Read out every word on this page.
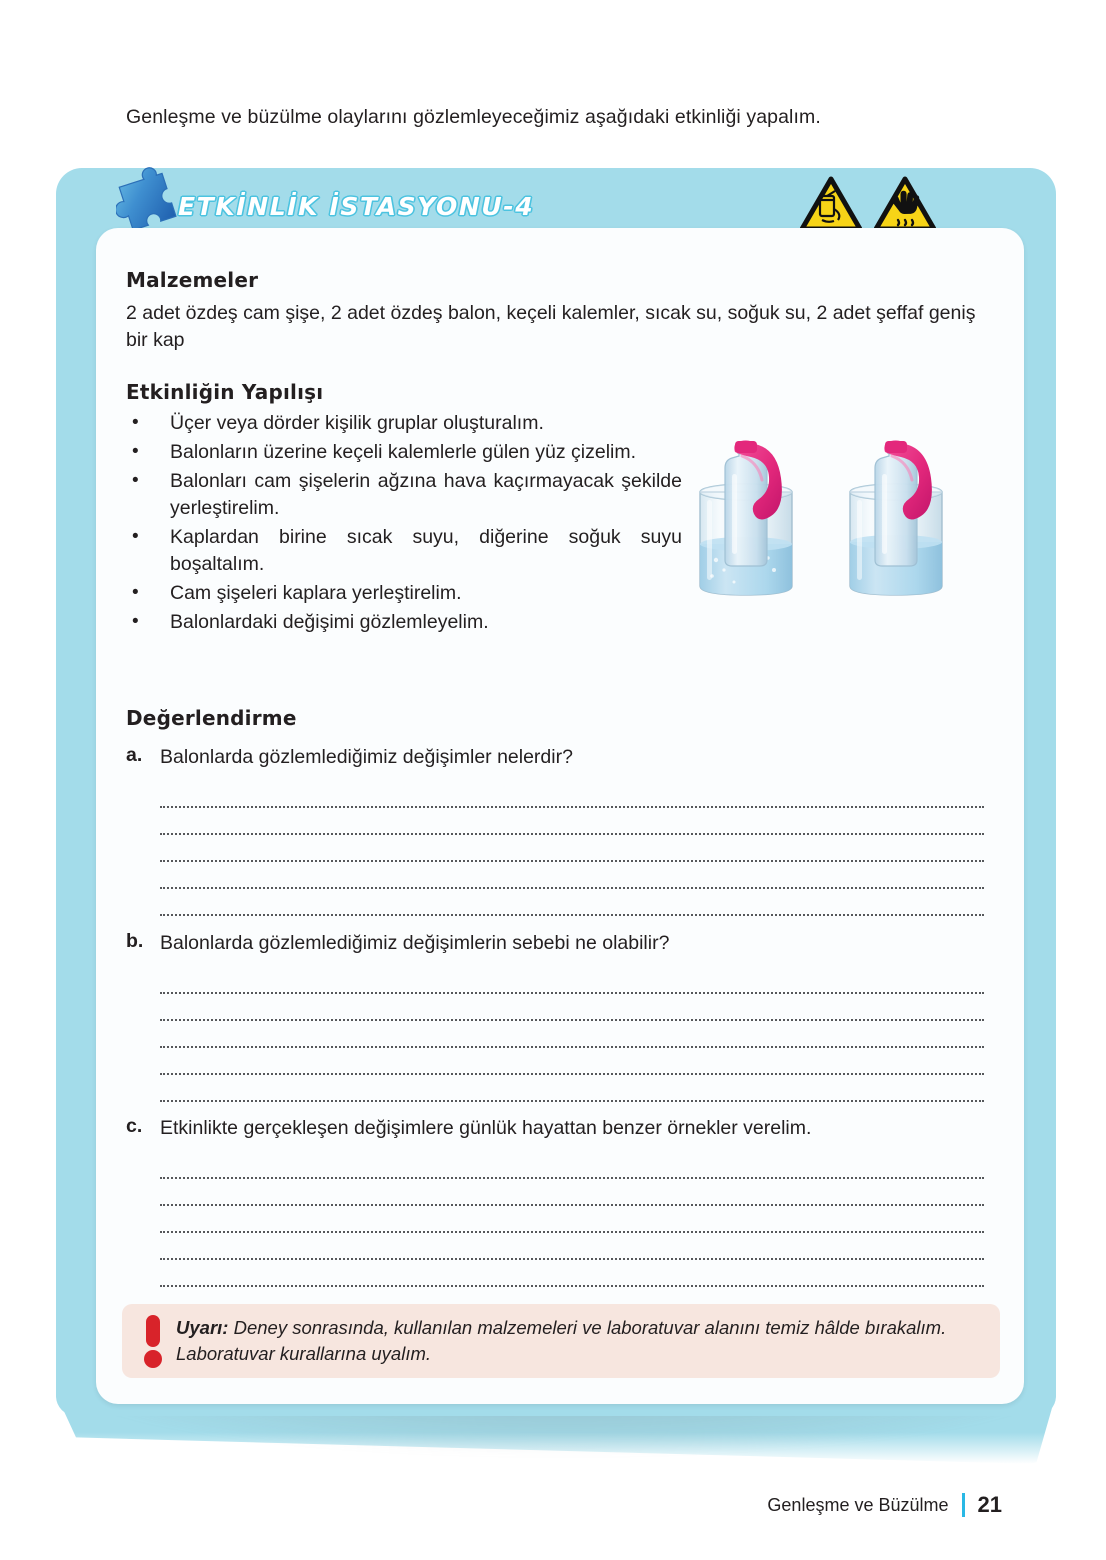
Genleşme ve büzülme olaylarını gözlemleyeceğimiz aşağıdaki etkinliği yapalım.
ETKİNLİK İSTASYONU-4
Malzemeler
2 adet özdeş cam şişe, 2 adet özdeş balon, keçeli kalemler, sıcak su, soğuk su, 2 adet şeffaf geniş bir kap
Etkinliğin Yapılışı
• Üçer veya dörder kişilik gruplar oluşturalım.
• Balonların üzerine keçeli kalemlerle gülen yüz çizelim.
• Balonları cam şişelerin ağzına hava kaçırmayacak şekilde yerleştirelim.
• Kaplardan birine sıcak suyu, diğerine soğuk suyu boşaltalım.
• Cam şişeleri kaplara yerleştirelim.
• Balonlardaki değişimi gözlemleyelim.
Değerlendirme
a. Balonlarda gözlemlediğimiz değişimler nelerdir?
b. Balonlarda gözlemlediğimiz değişimlerin sebebi ne olabilir?
c. Etkinlikte gerçekleşen değişimlere günlük hayattan benzer örnekler verelim.
Uyarı: Deney sonrasında, kullanılan malzemeleri ve laboratuvar alanını temiz hâlde bırakalım. Laboratuvar kurallarına uyalım.
Genleşme ve Büzülme 21
